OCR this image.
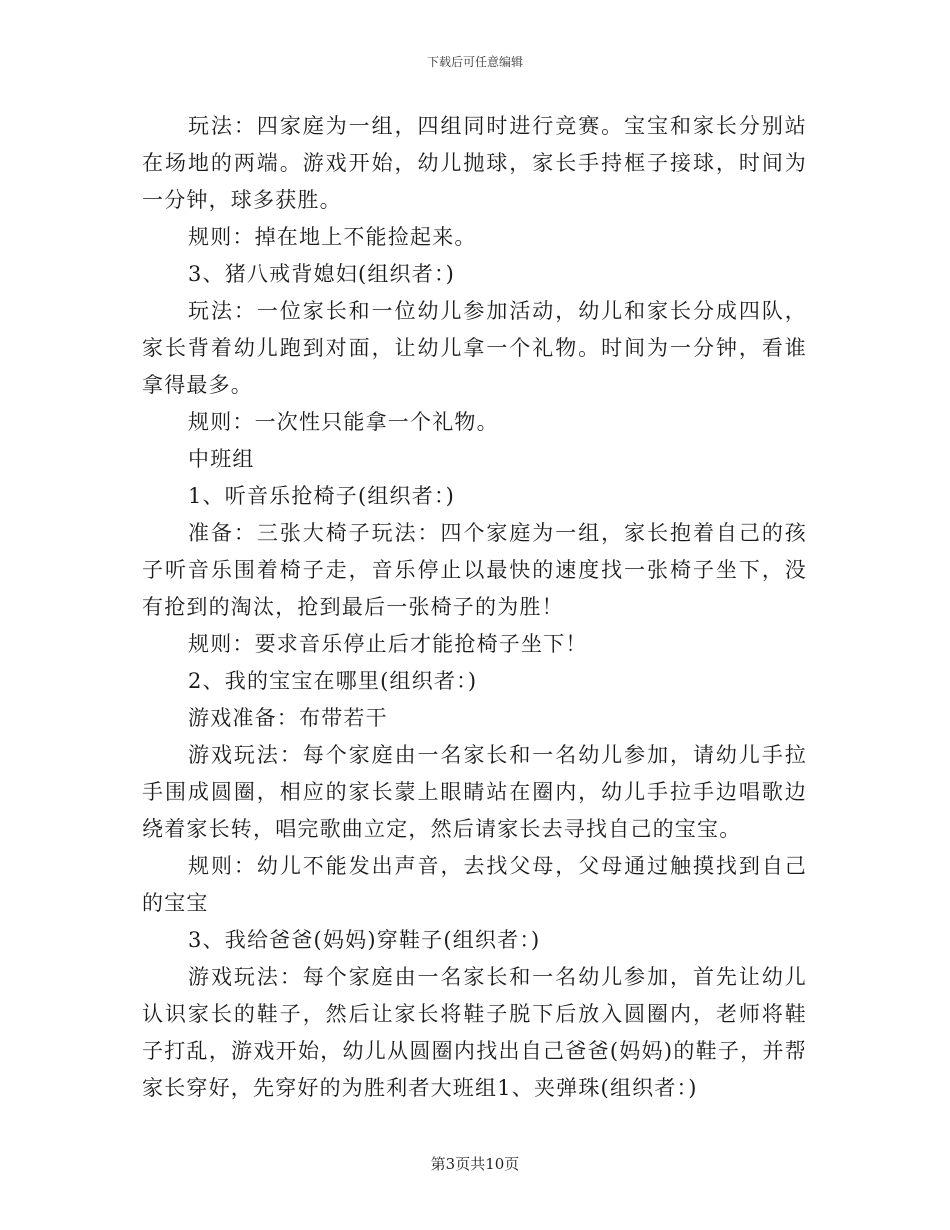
下载后可任意编辑

玩法：四家庭为一组，四组同时进行竞赛。宝宝和家长分别站在场地的两端。游戏开始，幼儿抛球，家长手持框子接球，时间为一分钟，球多获胜。

规则：掉在地上不能捡起来。

3、猪八戒背媳妇(组织者：)

玩法：一位家长和一位幼儿参加活动，幼儿和家长分成四队，家长背着幼儿跑到对面，让幼儿拿一个礼物。时间为一分钟，看谁拿得最多。

规则：一次性只能拿一个礼物。

中班组

1、听音乐抢椅子(组织者：)

准备：三张大椅子玩法：四个家庭为一组，家长抱着自己的孩子听音乐围着椅子走，音乐停止以最快的速度找一张椅子坐下，没有抢到的淘汰，抢到最后一张椅子的为胜！

规则：要求音乐停止后才能抢椅子坐下！

2、我的宝宝在哪里(组织者：)

游戏准备：布带若干

游戏玩法：每个家庭由一名家长和一名幼儿参加，请幼儿手拉手围成圆圈，相应的家长蒙上眼睛站在圈内，幼儿手拉手边唱歌边绕着家长转，唱完歌曲立定，然后请家长去寻找自己的宝宝。

规则：幼儿不能发出声音，去找父母，父母通过触摸找到自己的宝宝

3、我给爸爸(妈妈)穿鞋子(组织者：)

游戏玩法：每个家庭由一名家长和一名幼儿参加，首先让幼儿认识家长的鞋子，然后让家长将鞋子脱下后放入圆圈内，老师将鞋子打乱，游戏开始，幼儿从圆圈内找出自己爸爸(妈妈)的鞋子，并帮家长穿好，先穿好的为胜利者大班组1、夹弹珠(组织者：)

第3页共10页
